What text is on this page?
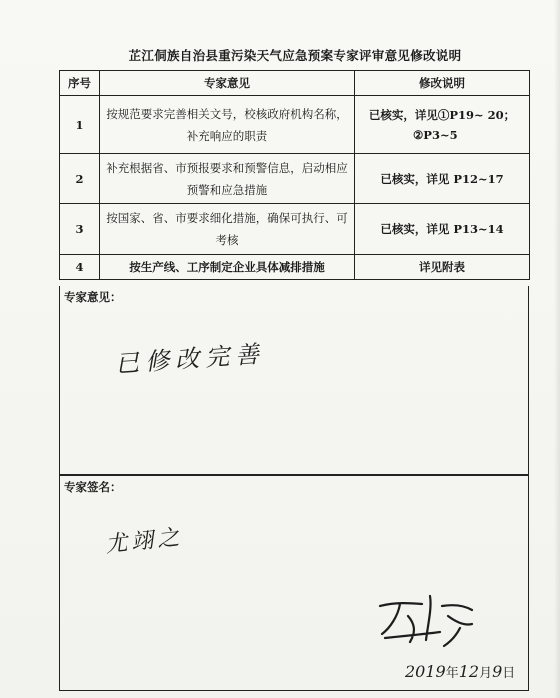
芷江侗族自治县重污染天气应急预案专家评审意见修改说明
序号	专家意见	修改说明
1	按规范要求完善相关文号，校核政府机构名称，补充响应的职责	已核实，详见①P19~ 20；
②P3~5

2	补充根据省、市预报要求和预警信息，启动相应预警和应急措施	已核实，详见 P12~17
3	按国家、省、市要求细化措施，确保可执行、可考核	已核实，详见 P13~14
4	按生产线、工序制定企业具体减排措施	详见附表
专家意见：
已修改完善
专家签名：
尤翊之
2019年12月9日
